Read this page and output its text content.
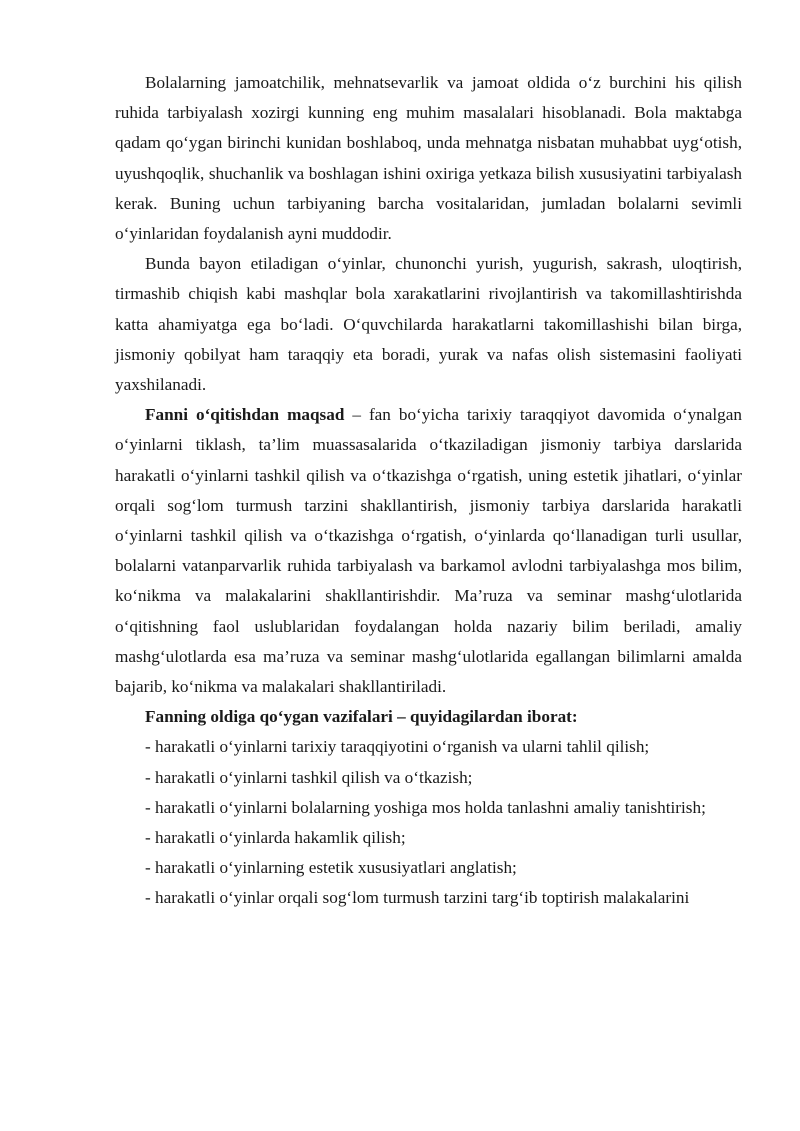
Bolalarning jamoatchilik, mehnatsevarlik va jamoat oldida o‘z burchini his qilish ruhida tarbiyalash xozirgi kunning eng muhim masalalari hisoblanadi. Bola maktabga qadam qo‘ygan birinchi kunidan boshlaboq, unda mehnatga nisbatan muhabbat uyg‘otish, uyushqoqlik, shuchanlik va boshlagan ishini oxiriga yetkaza bilish xususiyatini tarbiyalash kerak. Buning uchun tarbiyaning barcha vositalaridan, jumladan bolalarni sevimli o‘yinlaridan foydalanish ayni muddodir.

Bunda bayon etiladigan o‘yinlar, chunonchi yurish, yugurish, sakrash, uloqtirish, tirmashib chiqish kabi mashqlar bola xarakatlarini rivojlantirish va takomillashtirishda katta ahamiyatga ega bo‘ladi. O‘quvchilarda harakatlarni takomillashishi bilan birga, jismoniy qobilyat ham taraqqiy eta boradi, yurak va nafas olish sistemasini faoliyati yaxshilanadi.

Fanni o‘qitishdan maqsad – fan bo‘yicha tarixiy taraqqiyot davomida o‘ynalgan o‘yinlarni tiklash, ta’lim muassasalarida o‘tkaziladigan jismoniy tarbiya darslarida harakatli o‘yinlarni tashkil qilish va o‘tkazishga o‘rgatish, uning estetik jihatlari, o‘yinlar orqali sog‘lom turmush tarzini shakllantirish, jismoniy tarbiya darslarida harakatli o‘yinlarni tashkil qilish va o‘tkazishga o‘rgatish, o‘yinlarda qo‘llanadigan turli usullar, bolalarni vatanparvarlik ruhida tarbiyalash va barkamol avlodni tarbiyalashga mos bilim, ko‘nikma va malakalarini shakllantirishdir. Ma’ruza va seminar mashg‘ulotlarida o‘qitishning faol uslublaridan foydalangan holda nazariy bilim beriladi, amaliy mashg‘ulotlarda esa ma’ruza va seminar mashg‘ulotlarida egallangan bilimlarni amalda bajarib, ko‘nikma va malakalari shakllantiriladi.

Fanning oldiga qo‘ygan vazifalari – quyidagilardan iborat:

- harakatli o‘yinlarni tarixiy taraqqiyotini o‘rganish va ularni tahlil qilish;

- harakatli o‘yinlarni tashkil qilish va o‘tkazish;

- harakatli o‘yinlarni bolalarning yoshiga mos holda tanlashni amaliy tanishtirish;

- harakatli o‘yinlarda hakamlik qilish;

- harakatli o‘yinlarning estetik xususiyatlari anglatish;

- harakatli o‘yinlar orqali sog‘lom turmush tarzini targ‘ib toptirish malakalarini
